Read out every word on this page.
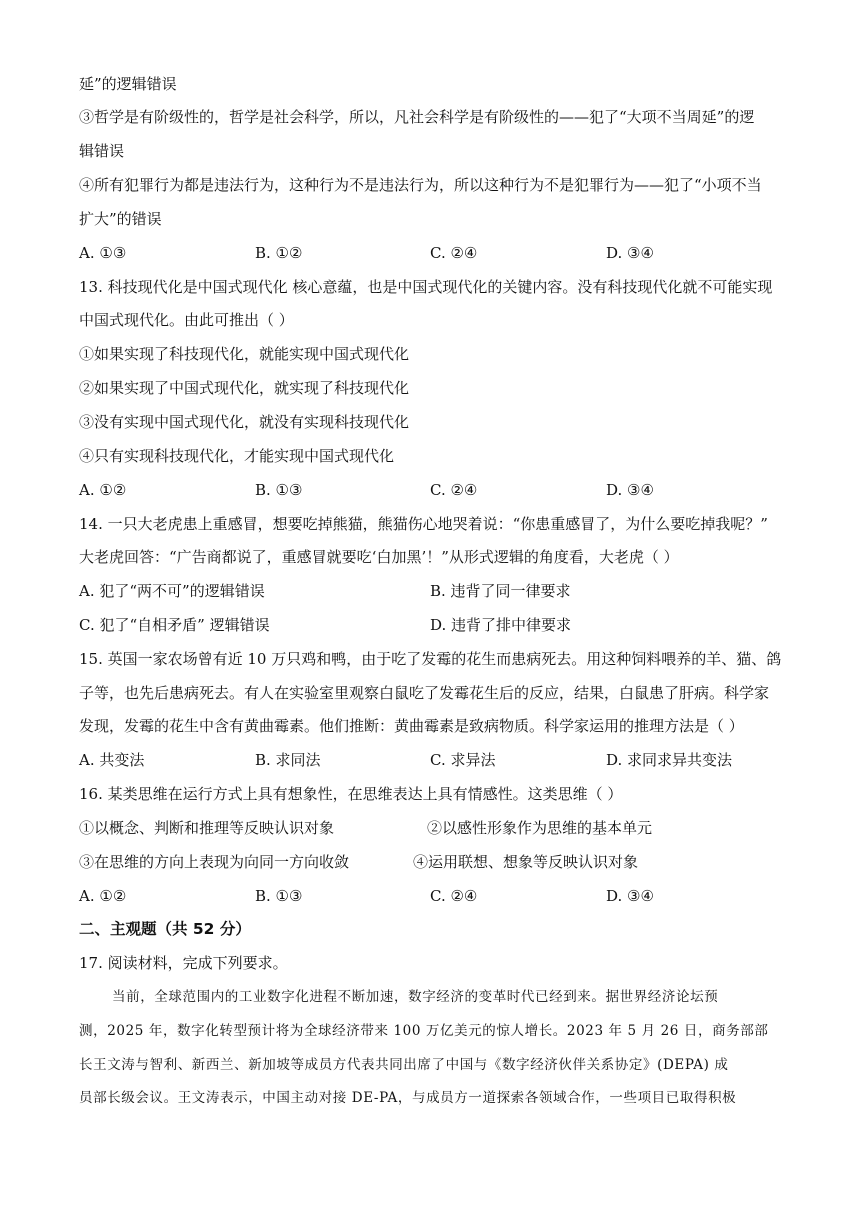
延”的逻辑错误

③哲学是有阶级性的，哲学是社会科学，所以，凡社会科学是有阶级性的——犯了“大项不当周延”的逻

辑错误

④所有犯罪行为都是违法行为，这种行为不是违法行为，所以这种行为不是犯罪行为——犯了“小项不当

扩大”的错误

A. ①③	B. ①②	C. ②④	D. ③④

13. 科技现代化是中国式现代化 核心意蕴，也是中国式现代化的关键内容。没有科技现代化就不可能实现

中国式现代化。由此可推出（ ）

①如果实现了科技现代化，就能实现中国式现代化

②如果实现了中国式现代化，就实现了科技现代化

③没有实现中国式现代化，就没有实现科技现代化

④只有实现科技现代化，才能实现中国式现代化

A. ①②	B. ①③	C. ②④	D. ③④

14. 一只大老虎患上重感冒，想要吃掉熊猫，熊猫伤心地哭着说：“你患重感冒了，为什么要吃掉我呢？”

大老虎回答：“广告商都说了，重感冒就要吃‘白加黑’！”从形式逻辑的角度看，大老虎（ ）

A. 犯了“两不可”的逻辑错误	B. 违背了同一律要求
C. 犯了“自相矛盾” 逻辑错误	D. 违背了排中律要求

15. 英国一家农场曾有近 10 万只鸡和鸭，由于吃了发霉的花生而患病死去。用这种饲料喂养的羊、猫、鸽

子等，也先后患病死去。有人在实验室里观察白鼠吃了发霉花生后的反应，结果，白鼠患了肝病。科学家

发现，发霉的花生中含有黄曲霉素。他们推断：黄曲霉素是致病物质。科学家运用的推理方法是（ ）

A. 共变法	B. 求同法	C. 求异法	D. 求同求异共变法

16. 某类思维在运行方式上具有想象性，在思维表达上具有情感性。这类思维（ ）

①以概念、判断和推理等反映认识对象	②以感性形象作为思维的基本单元
③在思维的方向上表现为向同一方向收敛	④运用联想、想象等反映认识对象
A. ①②	B. ①③	C. ②④	D. ③④

二、主观题（共 52 分）

17. 阅读材料，完成下列要求。

当前，全球范围内的工业数字化进程不断加速，数字经济的变革时代已经到来。据世界经济论坛预

测，2025 年，数字化转型预计将为全球经济带来 100 万亿美元的惊人增长。2023 年 5 月 26 日，商务部部

长王文涛与智利、新西兰、新加坡等成员方代表共同出席了中国与《数字经济伙伴关系协定》(DEPA) 成

员部长级会议。王文涛表示，中国主动对接 DE-PA，与成员方一道探索各领域合作，一些项目已取得积极
